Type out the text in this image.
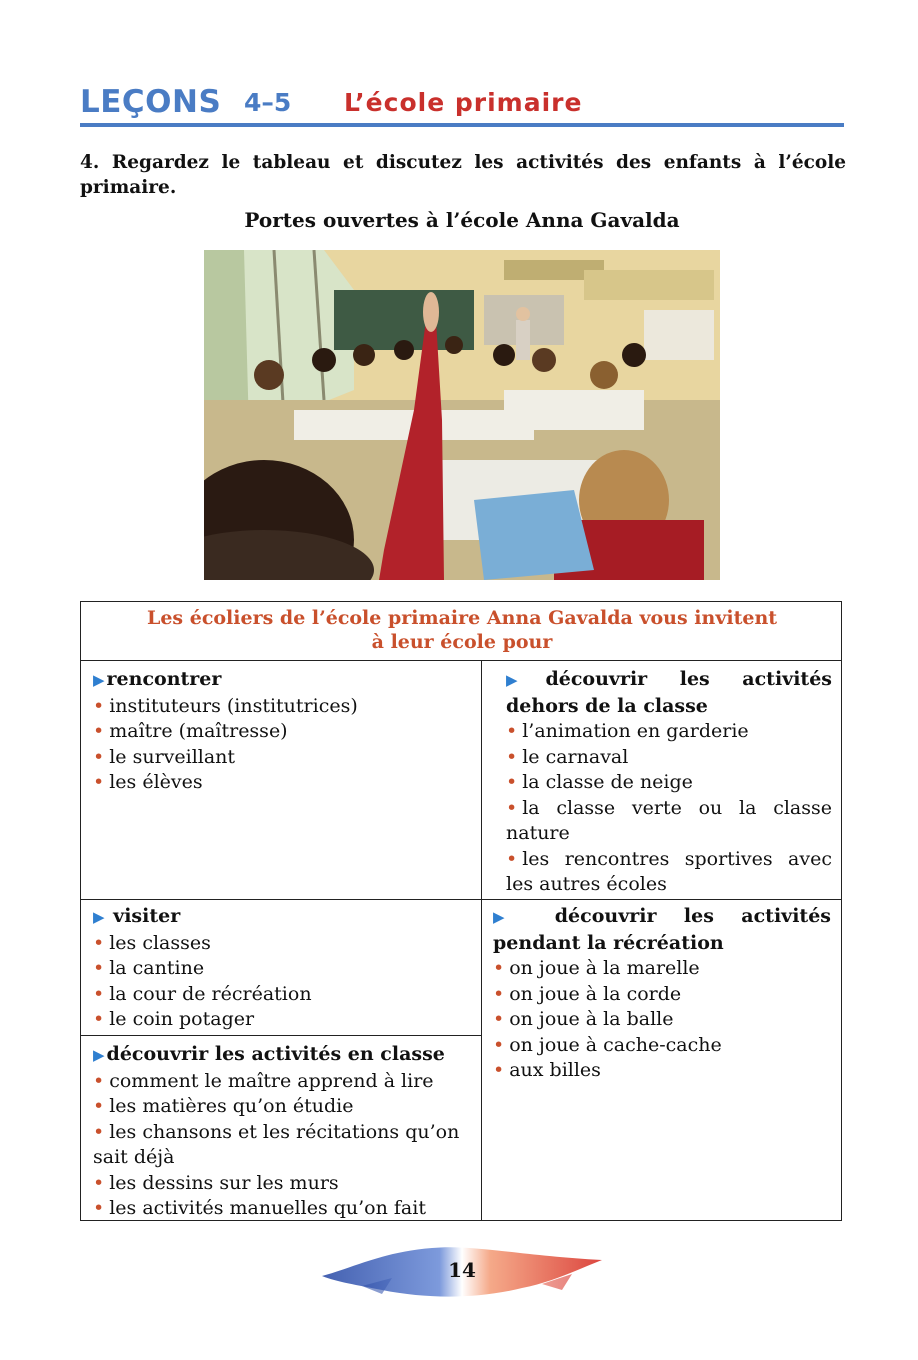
LEÇONS 4–5 L’école primaire
4. Regardez le tableau et discutez les activités des enfants à l’école primaire.
Portes ouvertes à l’école Anna Gavalda
Les écoliers de l’école primaire Anna Gavalda vous invitent
à leur école pour
▶ rencontrer
• instituteurs (institutrices)
• maître (maîtresse)
• le surveillant
• les élèves
▶ découvrir les activités dehors de la classe
• l’animation en garderie
• le carnaval
• la classe de neige
• la classe verte ou la classe nature
• les rencontres sportives avec les autres écoles
▶ visiter
• les classes
• la cantine
• la cour de récréation
• le coin potager
▶ découvrir les activités pendant la récréation
• on joue à la marelle
• on joue à la corde
• on joue à la balle
• on joue à cache-cache
• aux billes
▶ découvrir les activités en classe
• comment le maître apprend à lire
• les matières qu’on étudie
• les chansons et les récitations qu’on sait déjà
• les dessins sur les murs
• les activités manuelles qu’on fait
14
